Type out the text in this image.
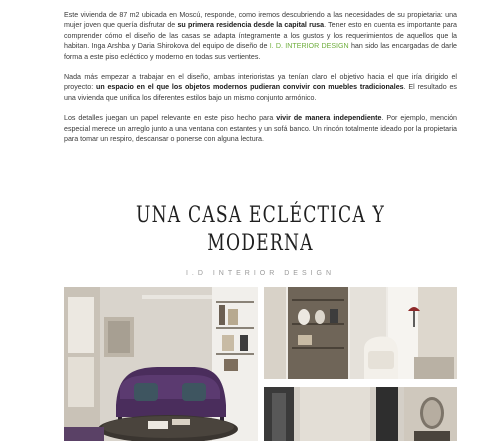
Este vivienda de 87 m2 ubicada en Moscú, responde, como iremos descubriendo a las necesidades de su propietaria: una mujer joven que quería disfrutar de su primera residencia desde la capital rusa. Tener esto en cuenta es importante para comprender cómo el diseño de las casas se adapta íntegramente a los gustos y los requerimientos de aquellos que la habitan. Inga Arshba y Daria Shirokova del equipo de diseño de I. D. INTERIOR DESIGN han sido las encargadas de darle forma a este piso ecléctico y moderno en todas sus vertientes.

Nada más empezar a trabajar en el diseño, ambas interioristas ya tenían claro el objetivo hacia el que iría dirigido el proyecto: un espacio en el que los objetos modernos pudieran convivir con muebles tradicionales. El resultado es una vivienda que unifica los diferentes estilos bajo un mismo conjunto armónico.

Los detalles juegan un papel relevante en este piso hecho para vivir de manera independiente. Por ejemplo, mención especial merece un arreglo junto a una ventana con estantes y un sofá banco. Un rincón totalmente ideado por la propietaria para tomar un respiro, descansar o ponerse con alguna lectura.

UNA CASA ECLÉCTICA Y
MODERNA
I.D INTERIOR DESIGN
